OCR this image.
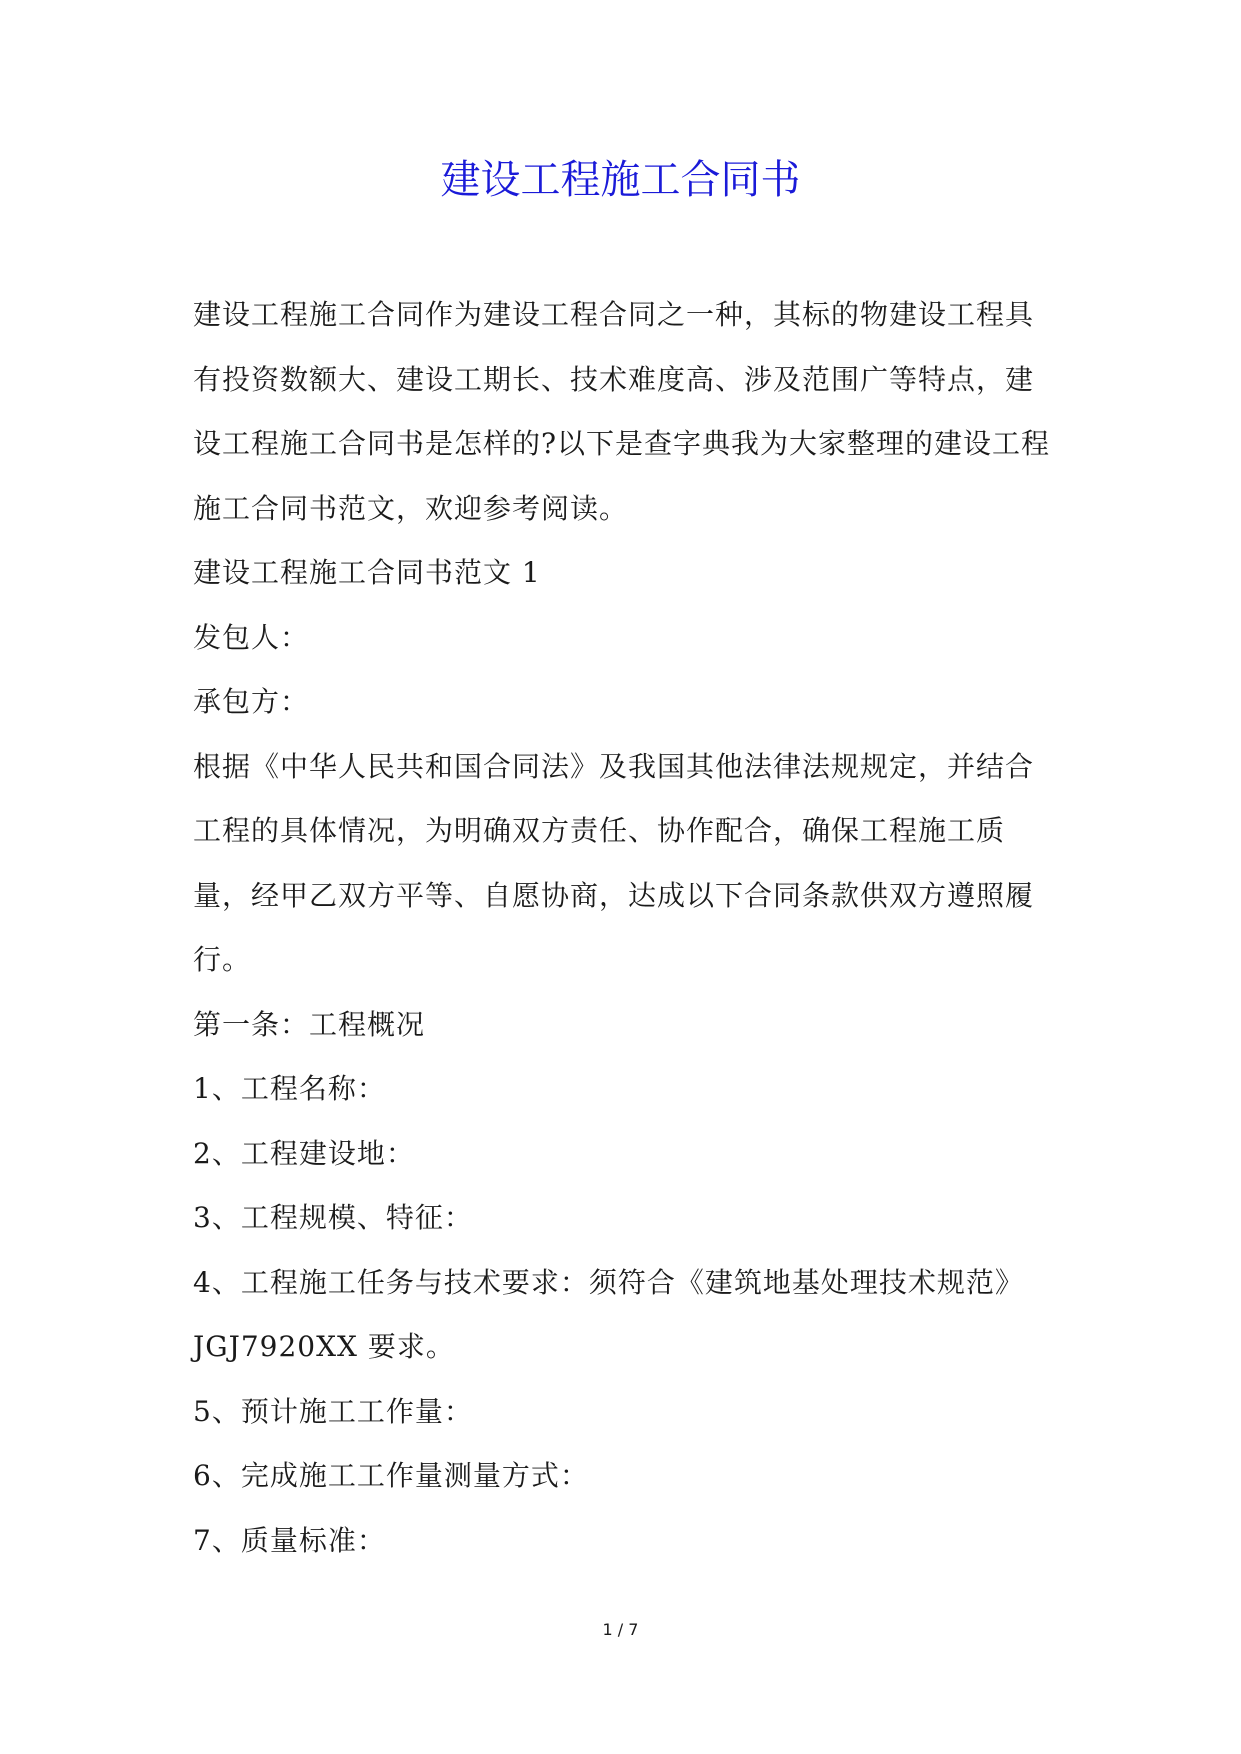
建设工程施工合同书

建设工程施工合同作为建设工程合同之一种，其标的物建设工程具有投资数额大、建设工期长、技术难度高、涉及范围广等特点，建设工程施工合同书是怎样的?以下是查字典我为大家整理的建设工程施工合同书范文，欢迎参考阅读。

建设工程施工合同书范文 1

发包人：

承包方：

根据《中华人民共和国合同法》及我国其他法律法规规定，并结合工程的具体情况，为明确双方责任、协作配合，确保工程施工质量，经甲乙双方平等、自愿协商，达成以下合同条款供双方遵照履行。

第一条：工程概况

1、工程名称：

2、工程建设地：

3、工程规模、特征：

4、工程施工任务与技术要求：须符合《建筑地基处理技术规范》JGJ7920XX 要求。

5、预计施工工作量：

6、完成施工工作量测量方式：

7、质量标准：

1 / 7
